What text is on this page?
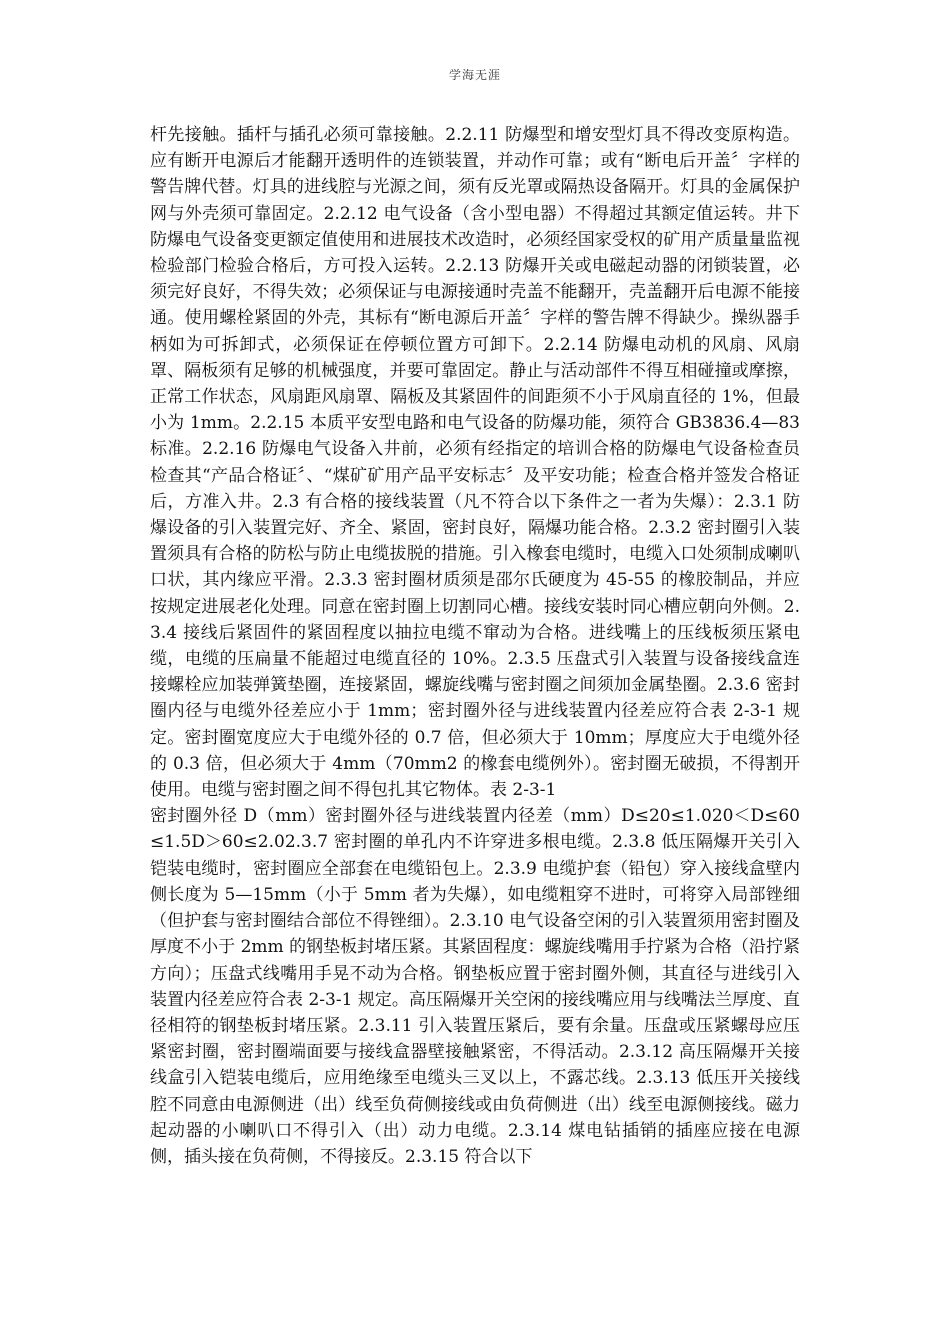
学海无涯

杆先接触。插杆与插孔必须可靠接触。2.2.11 防爆型和增安型灯具不得改变原构造。应有断开电源后才能翻开透明件的连锁装置，并动作可靠；或有“断电后开盖〞字样的警告牌代替。灯具的进线腔与光源之间，须有反光罩或隔热设备隔开。灯具的金属保护网与外壳须可靠固定。2.2.12 电气设备（含小型电器）不得超过其额定值运转。井下防爆电气设备变更额定值使用和进展技术改造时，必须经国家受权的矿用产质量量监视检验部门检验合格后，方可投入运转。2.2.13 防爆开关或电磁起动器的闭锁装置，必须完好良好，不得失效；必须保证与电源接通时壳盖不能翻开，壳盖翻开后电源不能接通。使用螺栓紧固的外壳，其标有“断电源后开盖〞字样的警告牌不得缺少。操纵器手柄如为可拆卸式，必须保证在停顿位置方可卸下。2.2.14 防爆电动机的风扇、风扇罩、隔板须有足够的机械强度，并要可靠固定。静止与活动部件不得互相碰撞或摩擦，正常工作状态，风扇距风扇罩、隔板及其紧固件的间距须不小于风扇直径的 1%，但最小为 1mm。2.2.15 本质平安型电路和电气设备的防爆功能，须符合 GB3836.4—83 标准。2.2.16 防爆电气设备入井前，必须有经指定的培训合格的防爆电气设备检查员检查其“产品合格证〞、“煤矿矿用产品平安标志〞及平安功能；检查合格并签发合格证后，方准入井。2.3 有合格的接线装置（凡不符合以下条件之一者为失爆）：2.3.1 防爆设备的引入装置完好、齐全、紧固，密封良好，隔爆功能合格。2.3.2 密封圈引入装置须具有合格的防松与防止电缆拔脱的措施。引入橡套电缆时，电缆入口处须制成喇叭口状，其内缘应平滑。2.3.3 密封圈材质须是邵尔氏硬度为 45-55 的橡胶制品，并应按规定进展老化处理。同意在密封圈上切割同心槽。接线安装时同心槽应朝向外侧。2.3.4 接线后紧固件的紧固程度以抽拉电缆不窜动为合格。进线嘴上的压线板须压紧电缆，电缆的压扁量不能超过电缆直径的 10%。2.3.5 压盘式引入装置与设备接线盒连接螺栓应加装弹簧垫圈，连接紧固，螺旋线嘴与密封圈之间须加金属垫圈。2.3.6 密封圈内径与电缆外径差应小于 1mm；密封圈外径与进线装置内径差应符合表 2-3-1 规定。密封圈宽度应大于电缆外径的 0.7 倍，但必须大于 10mm；厚度应大于电缆外径的 0.3 倍，但必须大于 4mm（70mm2 的橡套电缆例外）。密封圈无破损，不得割开使用。电缆与密封圈之间不得包扎其它物体。表 2-3-1

密封圈外径 D（mm）密封圈外径与进线装置内径差（mm）D≤20≤1.020＜D≤60≤1.5D＞60≤2.02.3.7 密封圈的单孔内不许穿进多根电缆。2.3.8 低压隔爆开关引入铠装电缆时，密封圈应全部套在电缆铅包上。2.3.9 电缆护套（铅包）穿入接线盒壁内侧长度为 5—15mm（小于 5mm 者为失爆），如电缆粗穿不进时，可将穿入局部锉细（但护套与密封圈结合部位不得锉细）。2.3.10 电气设备空闲的引入装置须用密封圈及厚度不小于 2mm 的钢垫板封堵压紧。其紧固程度：螺旋线嘴用手拧紧为合格（沿拧紧方向）；压盘式线嘴用手晃不动为合格。钢垫板应置于密封圈外侧，其直径与进线引入装置内径差应符合表 2-3-1 规定。高压隔爆开关空闲的接线嘴应用与线嘴法兰厚度、直径相符的钢垫板封堵压紧。2.3.11 引入装置压紧后，要有余量。压盘或压紧螺母应压紧密封圈，密封圈端面要与接线盒器壁接触紧密，不得活动。2.3.12 高压隔爆开关接线盒引入铠装电缆后，应用绝缘至电缆头三叉以上，不露芯线。2.3.13 低压开关接线腔不同意由电源侧进（出）线至负荷侧接线或由负荷侧进（出）线至电源侧接线。磁力起动器的小喇叭口不得引入（出）动力电缆。2.3.14 煤电钻插销的插座应接在电源侧，插头接在负荷侧，不得接反。2.3.15 符合以下
